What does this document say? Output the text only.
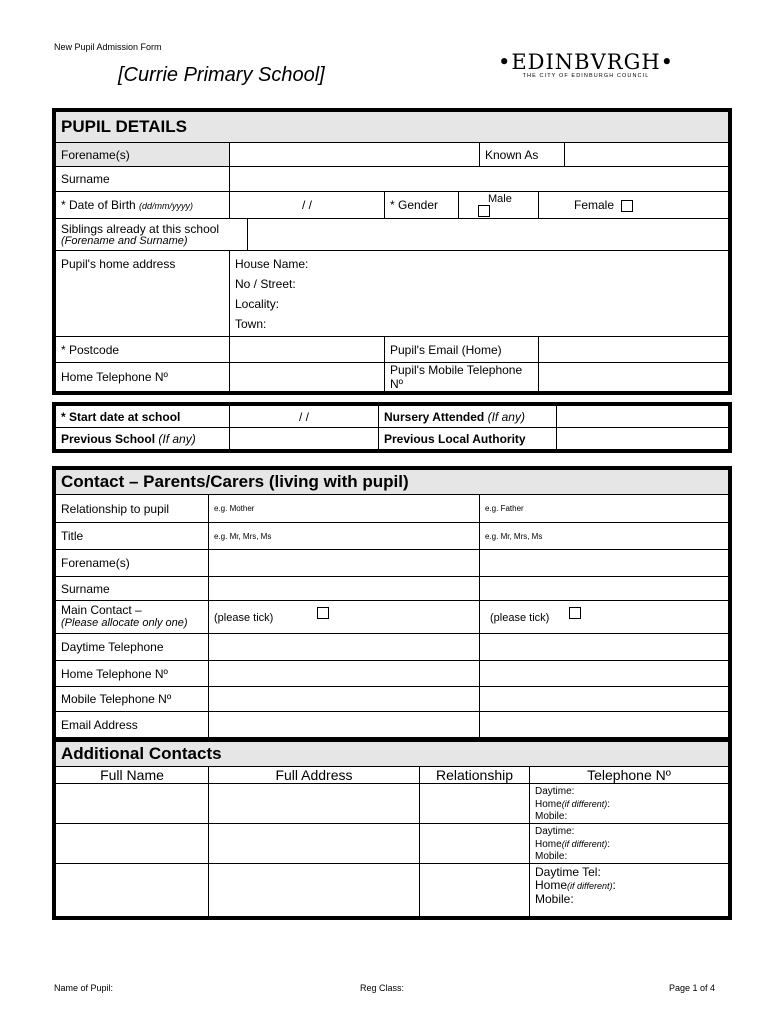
New Pupil Admission Form
[Currie Primary School]
•EDINBVRGH•
THE CITY OF EDINBURGH COUNCIL
PUPIL DETAILS							
Forename(s)					Known As		
Surname							
* Date of Birth (dd/mm/yyyy)	/ /		* Gender	Male		Female	

Siblings already at this school
(Forename and Surname)							

Pupil's home address	House Name:
No / Street:
Locality:
Town:						

* Postcode			Pupil's Email (Home)				
Home Telephone Nº			Pupil's Mobile Telephone Nº				
* Start date at school	/ /	Nursery Attended (If any)	
Previous School (If any)		Previous Local Authority	
Contact – Parents/Carers (living with pupil)		
Relationship to pupil	e.g. Mother	e.g. Father
Title	e.g. Mr, Mrs, Ms	e.g. Mr, Mrs, Ms
Forename(s)		
Surname		

Main Contact –
(Please allocate only one)	(please tick)	(please tick)
Daytime Telephone		
Home Telephone Nº		
Mobile Telephone Nº		
Email Address		
Additional Contacts			
Full Name	Full Address	Relationship	Telephone Nº

			Daytime:
Home(if different):
Mobile:

			Daytime:
Home(if different):
Mobile:

			Daytime Tel:
Home(if different):
Mobile:
Name of Pupil:	Reg Class:	Page 1 of 4
